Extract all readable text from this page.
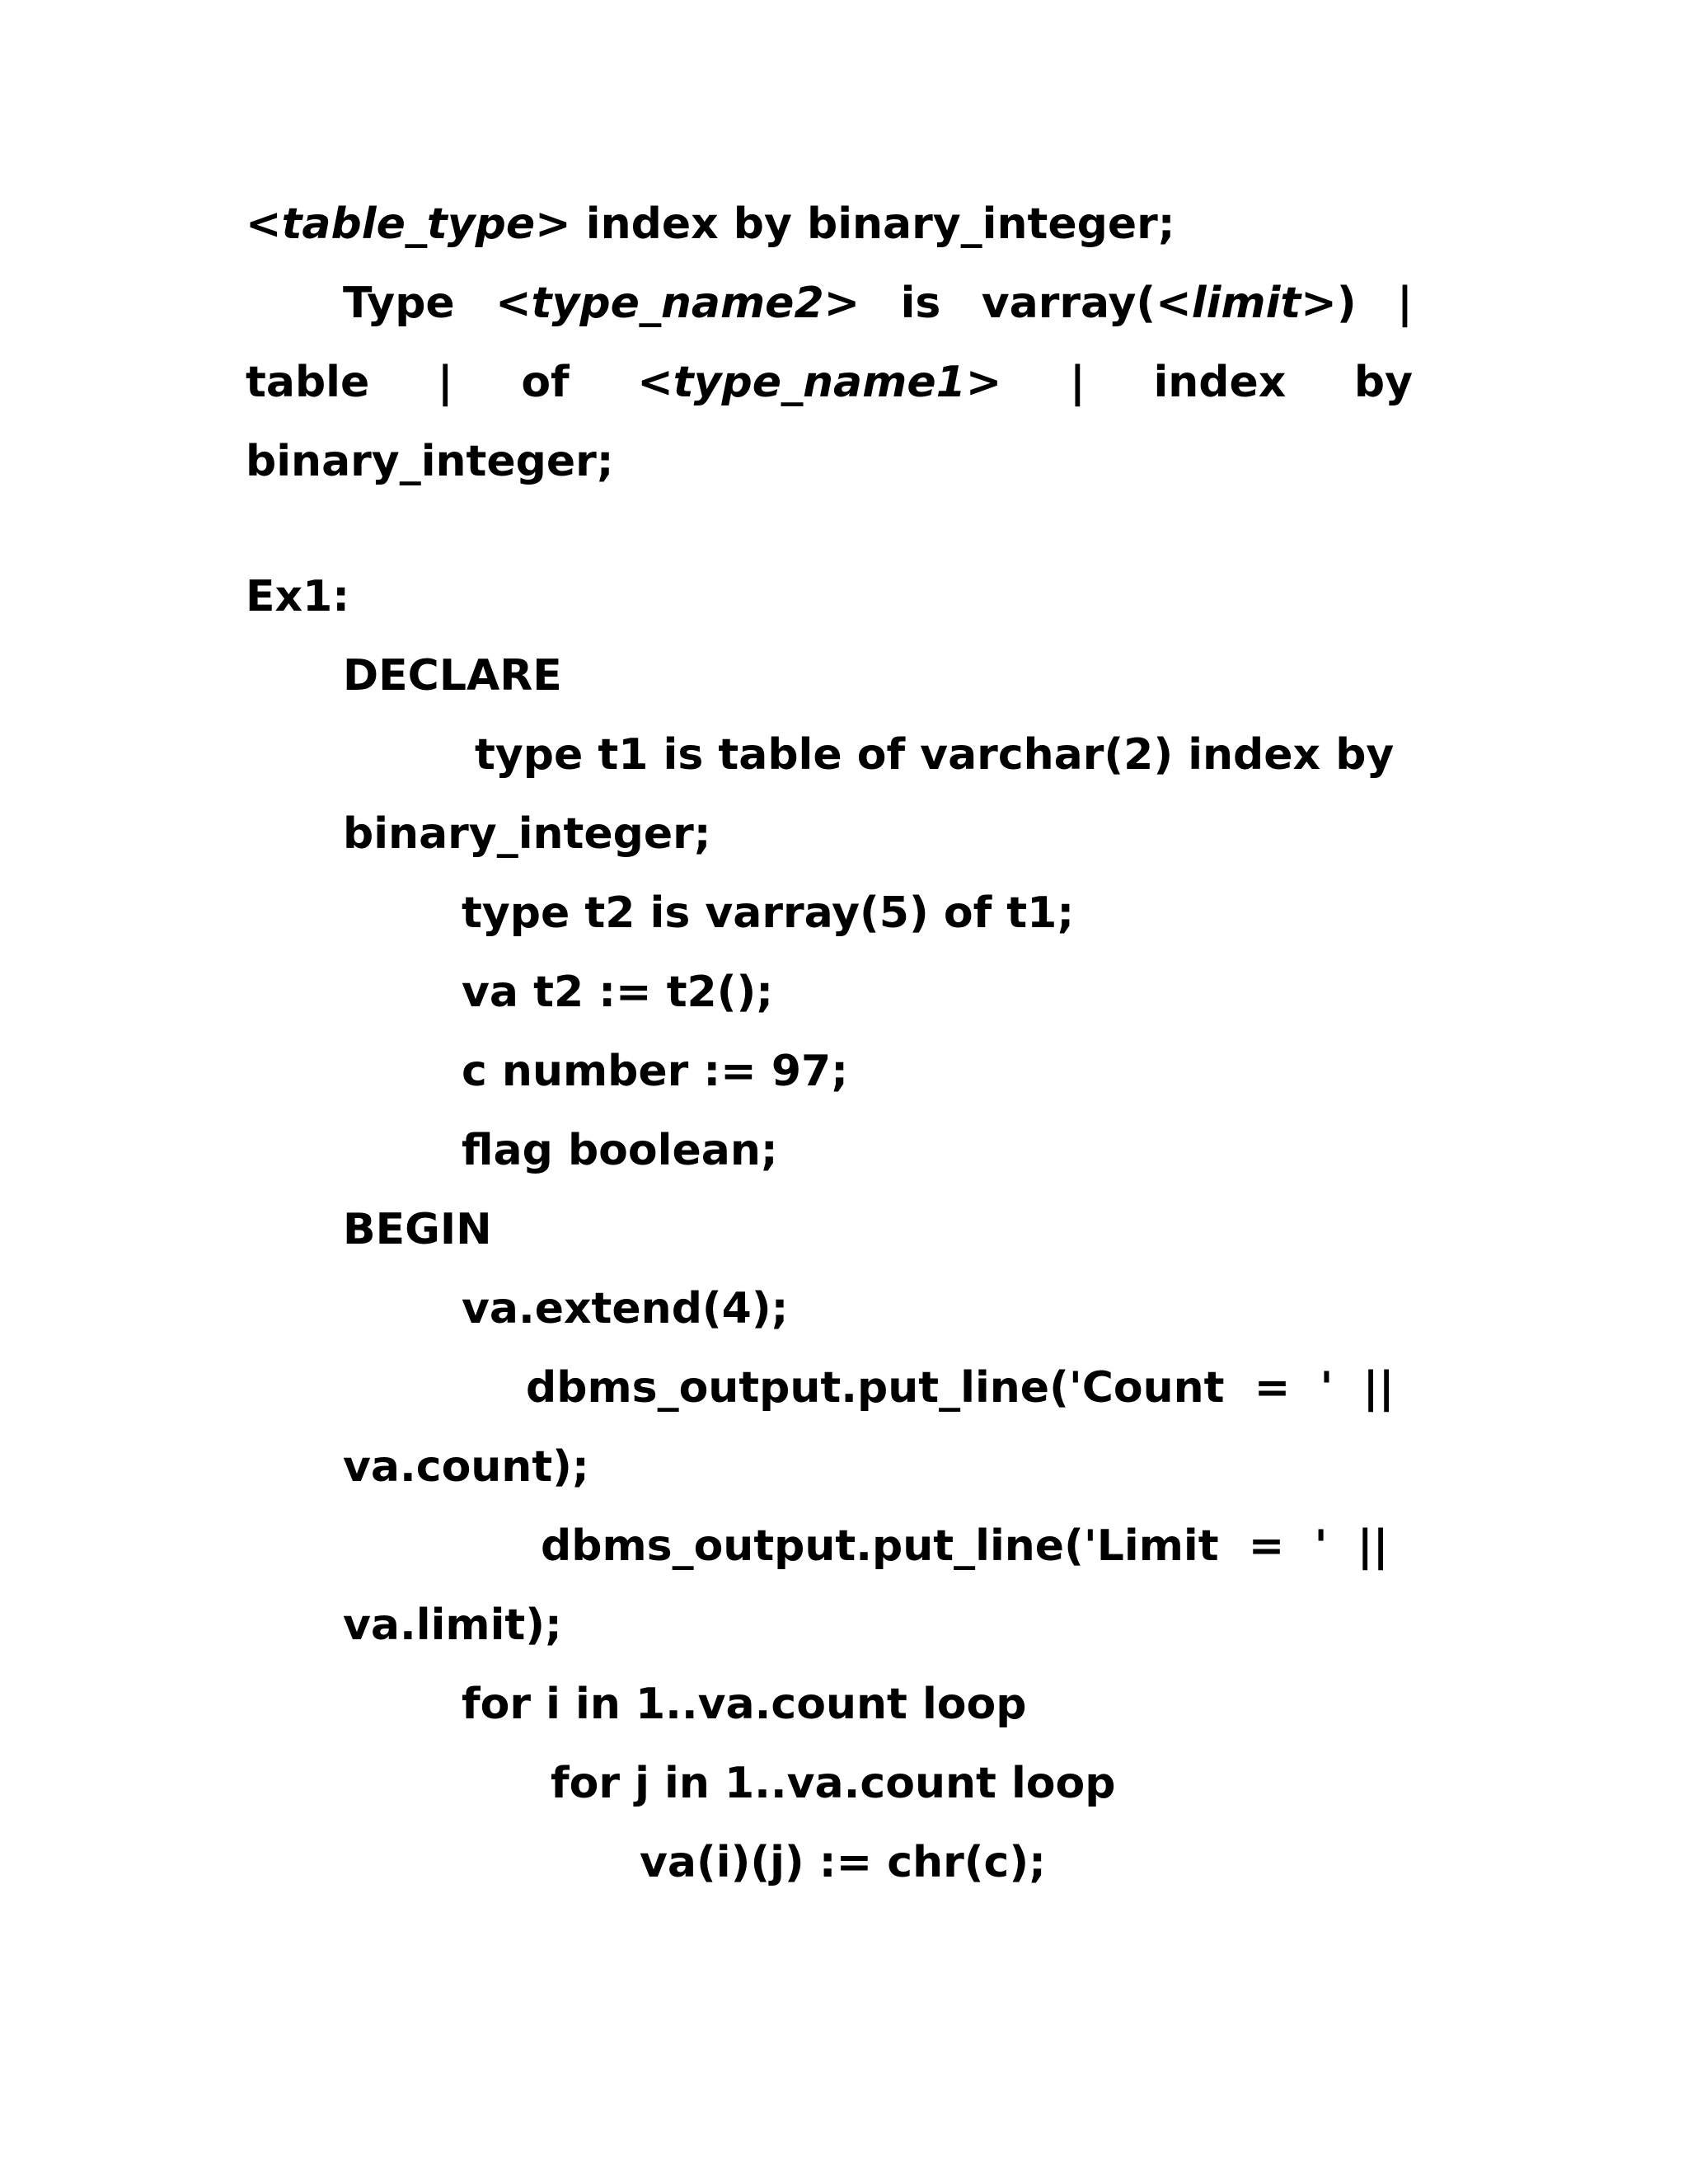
<table_type> index by binary_integer;
Type <type_name2> is varray(<limit>) |
table | of <type_name1> | index by
binary_integer;
Ex1:
DECLARE
type t1 is table of varchar(2) index by
binary_integer;
type t2 is varray(5) of t1;
va t2 := t2();
c number := 97;
flag boolean;
BEGIN
va.extend(4);
dbms_output.put_line('Count  =  '  ||
va.count);
dbms_output.put_line('Limit  =  '  ||
va.limit);
for i in 1..va.count loop
for j in 1..va.count loop
va(i)(j) := chr(c);
